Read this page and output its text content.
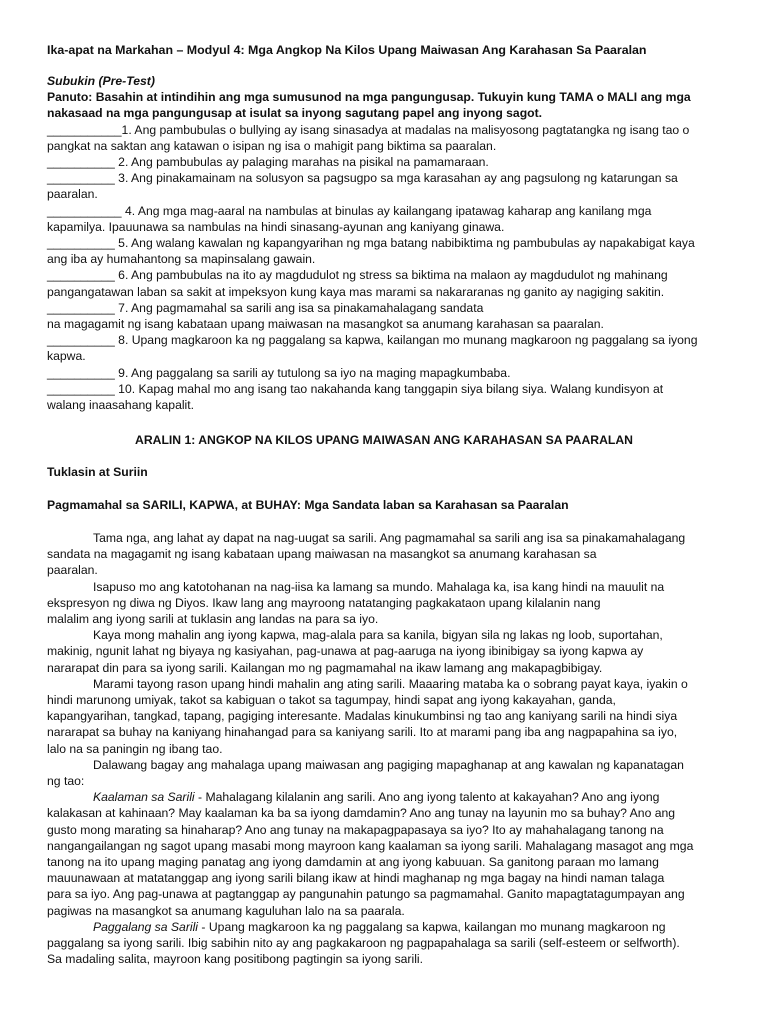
Ika-apat na Markahan – Modyul 4: Mga Angkop Na Kilos Upang Maiwasan Ang Karahasan Sa Paaralan
Subukin (Pre-Test)
Panuto: Basahin at intindihin ang mga sumusunod na mga pangungusap. Tukuyin kung TAMA o MALI ang mga
nakasaad na mga pangungusap at isulat sa inyong sagutang papel ang inyong sagot.
___________1. Ang pambubulas o bullying ay isang sinasadya at madalas na malisyosong pagtatangka ng isang tao o
pangkat na saktan ang katawan o isipan ng isa o mahigit pang biktima sa paaralan.
__________ 2. Ang pambubulas ay palaging marahas na pisikal na pamamaraan.
__________ 3. Ang pinakamainam na solusyon sa pagsugpo sa mga karasahan ay ang pagsulong ng katarungan sa
paaralan.
___________ 4. Ang mga mag-aaral na nambulas at binulas ay kailangang ipatawag kaharap ang kanilang mga
kapamilya. Ipauunawa sa nambulas na hindi sinasang-ayunan ang kaniyang ginawa.
__________ 5. Ang walang kawalan ng kapangyarihan ng mga batang nabibiktima ng pambubulas ay napakabigat kaya
ang iba ay humahantong sa mapinsalang gawain.
__________ 6. Ang pambubulas na ito ay magdudulot ng stress sa biktima na malaon ay magdudulot ng mahinang
pangangatawan laban sa sakit at impeksyon kung kaya mas marami sa nakararanas ng ganito ay nagiging sakitin.
__________ 7. Ang pagmamahal sa sarili ang isa sa pinakamahalagang sandata
na magagamit ng isang kabataan upang maiwasan na masangkot sa anumang karahasan sa paaralan.
__________ 8. Upang magkaroon ka ng paggalang sa kapwa, kailangan mo munang magkaroon ng paggalang sa iyong
kapwa.
__________ 9. Ang paggalang sa sarili ay tutulong sa iyo na maging mapagkumbaba.
__________ 10. Kapag mahal mo ang isang tao nakahanda kang tanggapin siya bilang siya. Walang kundisyon at
walang inaasahang kapalit.
ARALIN 1: ANGKOP NA KILOS UPANG MAIWASAN ANG KARAHASAN SA PAARALAN
Tuklasin at Suriin
Pagmamahal sa SARILI, KAPWA, at BUHAY: Mga Sandata laban sa Karahasan sa Paaralan
Tama nga, ang lahat ay dapat na nag-uugat sa sarili. Ang pagmamahal sa sarili ang isa sa pinakamahalagang
sandata na magagamit ng isang kabataan upang maiwasan na masangkot sa anumang karahasan sa
paaralan.
Isapuso mo ang katotohanan na nag-iisa ka lamang sa mundo. Mahalaga ka, isa kang hindi na mauulit na
ekspresyon ng diwa ng Diyos. Ikaw lang ang mayroong natatanging pagkakataon upang kilalanin nang
malalim ang iyong sarili at tuklasin ang landas na para sa iyo.
Kaya mong mahalin ang iyong kapwa, mag-alala para sa kanila, bigyan sila ng lakas ng loob, suportahan,
makinig, ngunit lahat ng biyaya ng kasiyahan, pag-unawa at pag-aaruga na iyong ibinibigay sa iyong kapwa ay
nararapat din para sa iyong sarili. Kailangan mo ng pagmamahal na ikaw lamang ang makapagbibigay.
Marami tayong rason upang hindi mahalin ang ating sarili. Maaaring mataba ka o sobrang payat kaya, iyakin o
hindi marunong umiyak, takot sa kabiguan o takot sa tagumpay, hindi sapat ang iyong kakayahan, ganda,
kapangyarihan, tangkad, tapang, pagiging interesante. Madalas kinukumbinsi ng tao ang kaniyang sarili na hindi siya
nararapat sa buhay na kaniyang hinahangad para sa kaniyang sarili. Ito at marami pang iba ang nagpapahina sa iyo,
lalo na sa paningin ng ibang tao.
Dalawang bagay ang mahalaga upang maiwasan ang pagiging mapaghanap at ang kawalan ng kapanatagan
ng tao:
Kaalaman sa Sarili - Mahalagang kilalanin ang sarili. Ano ang iyong talento at kakayahan? Ano ang iyong
kalakasan at kahinaan? May kaalaman ka ba sa iyong damdamin? Ano ang tunay na layunin mo sa buhay? Ano ang
gusto mong marating sa hinaharap? Ano ang tunay na makapagpapasaya sa iyo? Ito ay mahahalagang tanong na
nangangailangan ng sagot upang masabi mong mayroon kang kaalaman sa iyong sarili. Mahalagang masagot ang mga
tanong na ito upang maging panatag ang iyong damdamin at ang iyong kabuuan. Sa ganitong paraan mo lamang
mauunawaan at matatanggap ang iyong sarili bilang ikaw at hindi maghanap ng mga bagay na hindi naman talaga
para sa iyo. Ang pag-unawa at pagtanggap ay pangunahin patungo sa pagmamahal. Ganito mapagtatagumpayan ang
pagiwas na masangkot sa anumang kaguluhan lalo na sa paarala.
Paggalang sa Sarili - Upang magkaroon ka ng paggalang sa kapwa, kailangan mo munang magkaroon ng
paggalang sa iyong sarili. Ibig sabihin nito ay ang pagkakaroon ng pagpapahalaga sa sarili (self-esteem or selfworth).
Sa madaling salita, mayroon kang positibong pagtingin sa iyong sarili.
